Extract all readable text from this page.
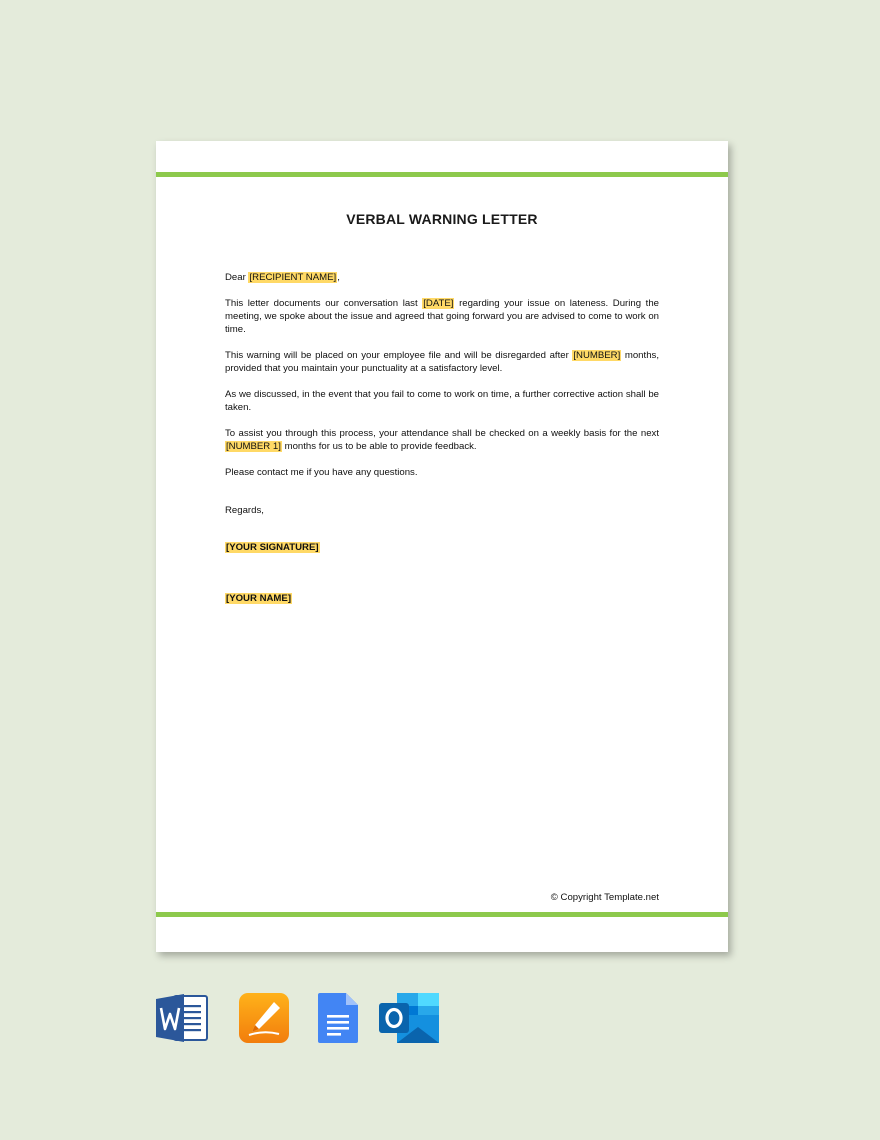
VERBAL WARNING LETTER

Dear [RECIPIENT NAME],

This letter documents our conversation last [DATE] regarding your issue on lateness. During the meeting, we spoke about the issue and agreed that going forward you are advised to come to work on time.

This warning will be placed on your employee file and will be disregarded after [NUMBER] months, provided that you maintain your punctuality at a satisfactory level.

As we discussed, in the event that you fail to come to work on time, a further corrective action shall be taken.

To assist you through this process, your attendance shall be checked on a weekly basis for the next [NUMBER 1] months for us to be able to provide feedback.

Please contact me if you have any questions.

Regards,

[YOUR SIGNATURE]

[YOUR NAME]

© Copyright Template.net
